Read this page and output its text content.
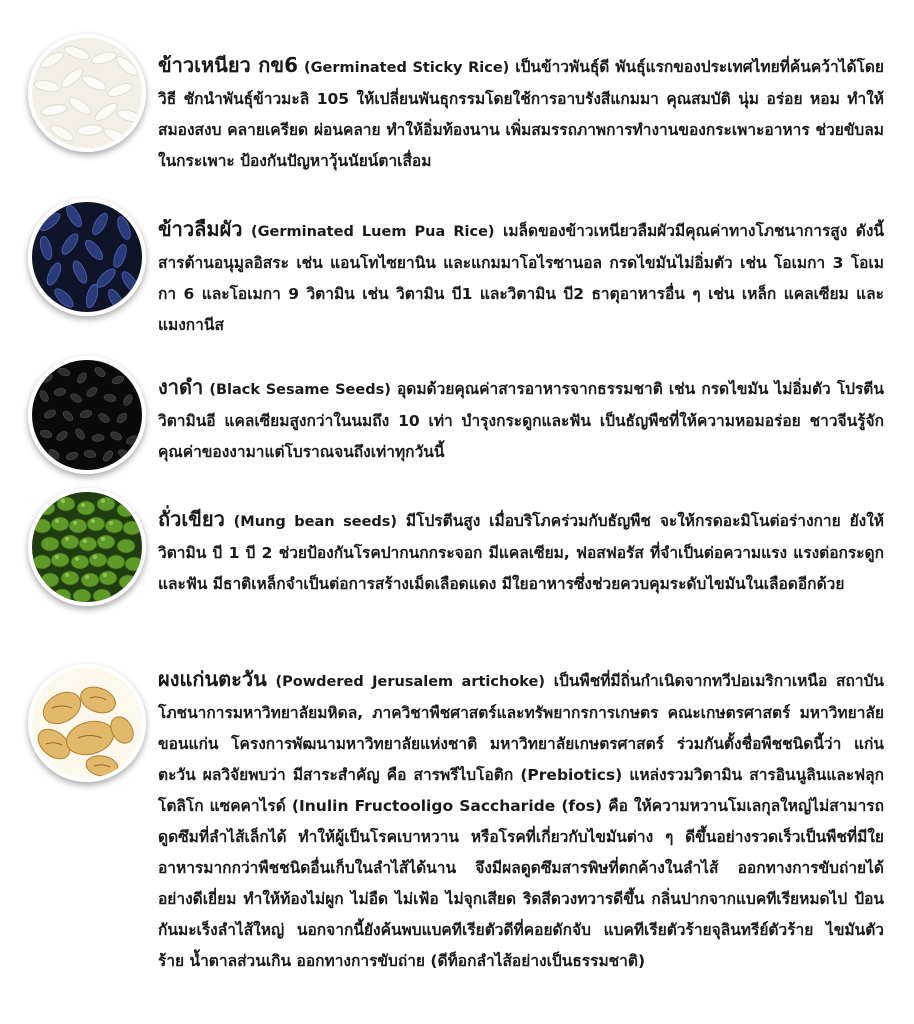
ข้าวเหนียว กข6 (Germinated Sticky Rice) เป็นข้าวพันธุ์ดี พันธุ์แรกของประเทศไทยที่ค้นคว้าได้โดยวิธี ชักนำพันธุ์ข้าวมะลิ 105 ให้เปลี่ยนพันธุกรรมโดยใช้การอาบรังสีแกมมา คุณสมบัติ นุ่ม อร่อย หอม ทำให้สมองสงบ คลายเครียด ผ่อนคลาย ทำให้อิ่มท้องนาน เพิ่มสมรรถภาพการทำงานของกระเพาะอาหาร ช่วยขับลมในกระเพาะ ป้องกันปัญหาวุ้นนัยน์ตาเสื่อม
ข้าวลืมผัว (Germinated Luem Pua Rice) เมล็ดของข้าวเหนียวลืมผัวมีคุณค่าทางโภชนาการสูง ดังนี้ สารต้านอนุมูลอิสระ เช่น แอนโทไซยานิน และแกมมาโอไรซานอล กรดไขมันไม่อิ่มตัว เช่น โอเมกา 3 โอเมกา 6 และโอเมกา 9 วิตามิน เช่น วิตามิน บี1 และวิตามิน บี2 ธาตุอาหารอื่น ๆ เช่น เหล็ก แคลเซียม และแมงกานีส
งาดำ (Black Sesame Seeds) อุดมด้วยคุณค่าสารอาหารจากธรรมชาติ เช่น กรดไขมัน ไม่อิ่มตัว โปรตีนวิตามินอี แคลเซียมสูงกว่าในนมถึง 10 เท่า บำรุงกระดูกและฟัน เป็นธัญพืชที่ให้ความหอมอร่อย ชาวจีนรู้จักคุณค่าของงามาแต่โบราณจนถึงเท่าทุกวันนี้
ถั่วเขียว (Mung bean seeds) มีโปรตีนสูง เมื่อบริโภคร่วมกับธัญพืช จะให้กรดอะมิโนต่อร่างกาย ยังให้วิตามิน บี 1 บี 2 ช่วยป้องกันโรคปากนกกระจอก มีแคลเซียม, ฟอสฟอรัส ที่จำเป็นต่อความแรง แรงต่อกระดูกและฟัน มีธาติเหล็กจำเป็นต่อการสร้างเม็ดเลือดแดง มีใยอาหารซึ่งช่วยควบคุมระดับไขมันในเลือดอีกด้วย
ผงแก่นตะวัน (Powdered Jerusalem artichoke) เป็นพืชที่มีถิ่นกำเนิดจากทวีปอเมริกาเหนือ สถาบันโภชนาการมหาวิทยาลัยมหิดล, ภาควิชาพืชศาสตร์และทรัพยากรการเกษตร คณะเกษตรศาสตร์ มหาวิทยาลัยขอนแก่น โครงการพัฒนามหาวิทยาลัยแห่งชาติ มหาวิทยาลัยเกษตรศาสตร์ ร่วมกันตั้งชื่อพืชชนิดนี้ว่า แก่นตะวัน ผลวิจัยพบว่า มีสาระสำคัญ คือ สารพรีไบโอติก (Prebiotics) แหล่งรวมวิตามิน สารอินนูลินและฟลุกโตลิโก แซคคาไรด์ (Inulin Fructooligo Saccharide (fos) คือ ให้ความหวานโมเลกุลใหญ่ไม่สามารถดูดซึมที่ลำไส้เล็กได้ ทำให้ผู้เป็นโรคเบาหวาน หรือโรคที่เกี่ยวกับไขมันต่าง ๆ ดีขึ้นอย่างรวดเร็วเป็นพืชที่มีใยอาหารมากกว่าพืชชนิดอื่นเก็บในลำไส้ได้นาน จึงมีผลดูดซึมสารพิษที่ตกค้างในลำไส้ ออกทางการขับถ่ายได้อย่างดีเยี่ยม ทำให้ท้องไม่ผูก ไม่อืด ไม่เฟ้อ ไม่จุกเสียด ริดสีดวงทวารดีขึ้น กลิ่นปากจากแบคทีเรียหมดไป ป้อนกันมะเร็งลำไส้ใหญ่ นอกจากนี้ยังค้นพบแบคทีเรียตัวดีที่คอยดักจับ แบคทีเรียตัวร้ายจุลินทรีย์ตัวร้าย ไขมันตัวร้าย น้ำตาลส่วนเกิน ออกทางการขับถ่าย (ดีท็อกลำไส้อย่างเป็นธรรมชาติ)
